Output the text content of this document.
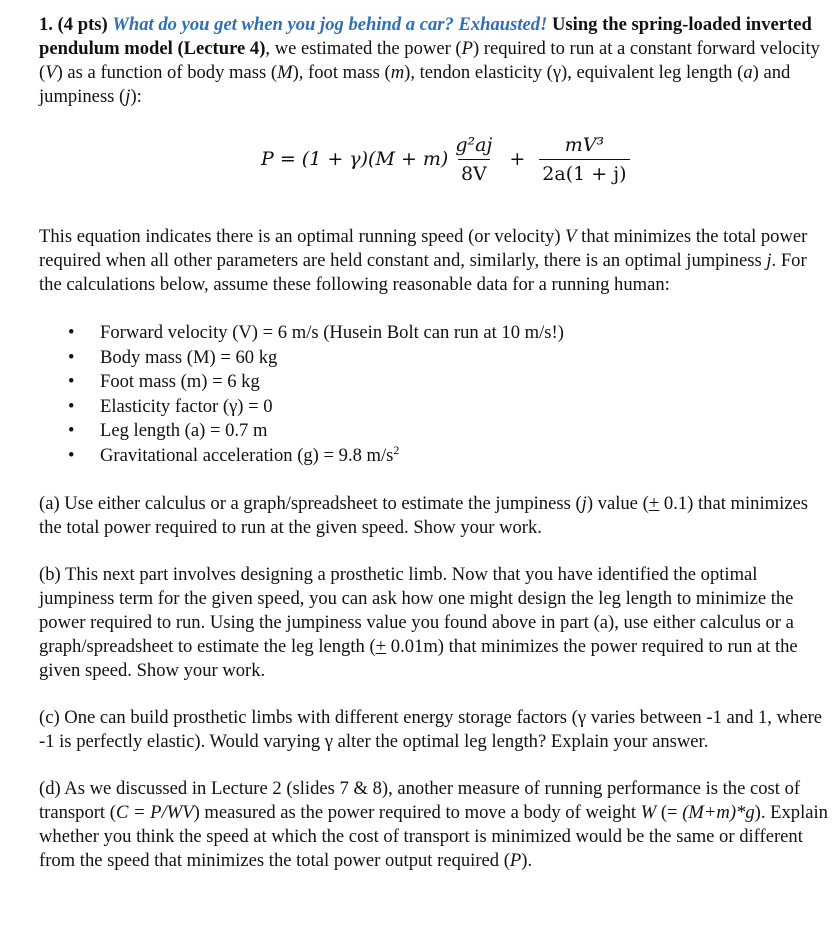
1. (4 pts) What do you get when you jog behind a car? Exhausted! Using the spring-loaded inverted pendulum model (Lecture 4), we estimated the power (P) required to run at a constant forward velocity (V) as a function of body mass (M), foot mass (m), tendon elasticity (γ), equivalent leg length (a) and jumpiness (j):

$P = (1 + \gamma)(M + m) \frac{\text{g²aj}}{8V} + \frac{\text{mV³}}{2a(1 + j)}$

This equation indicates there is an optimal running speed (or velocity) V that minimizes the total power required when all other parameters are held constant and, similarly, there is an optimal jumpiness j. For the calculations below, assume these following reasonable data for a running human:

• Forward velocity (V) = 6 m/s (Husein Bolt can run at 10 m/s!)
• Body mass (M) = 60 kg
• Foot mass (m) = 6 kg
• Elasticity factor (γ) = 0
• Leg length (a) = 0.7 m
• Gravitational acceleration (g) = 9.8 $m/s^2$

(a) Use either calculus or a graph/spreadsheet to estimate the jumpiness (j) value (+ 0.1) that minimizes the total power required to run at the given speed. Show your work.

(b) This next part involves designing a prosthetic limb. Now that you have identified the optimal jumpiness term for the given speed, you can ask how one might design the leg length to minimize the power required to run. Using the jumpiness value you found above in part (a), use either calculus or a graph/spreadsheet to estimate the leg length (+ 0.01m) that minimizes the power required to run at the given speed. Show your work.

(c) One can build prosthetic limbs with different energy storage factors (γ varies between -1 and 1, where -1 is perfectly elastic). Would varying γ alter the optimal leg length? Explain your answer.

(d) As we discussed in Lecture 2 (slides 7 & 8), another measure of running performance is the cost of transport (C = P/WV) measured as the power required to move a body of weight W (= (M+m)*g). Explain whether you think the speed at which the cost of transport is minimized would be the same or different from the speed that minimizes the total power output required (P).
